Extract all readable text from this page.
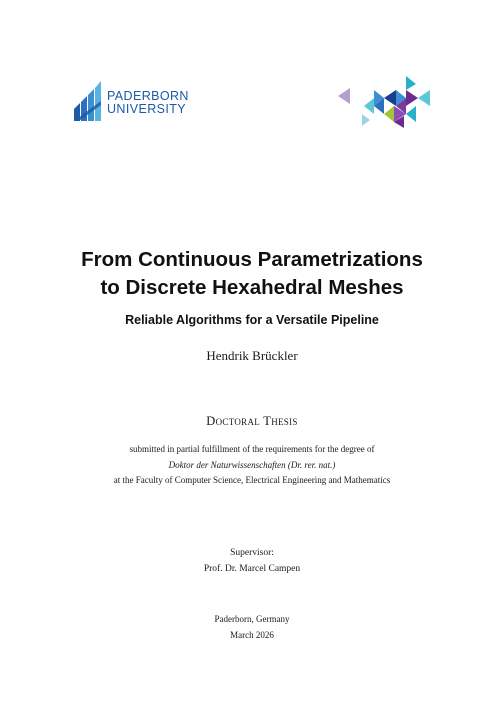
PADERBORN
UNIVERSITY
From Continuous Parametrizations
to Discrete Hexahedral Meshes
Reliable Algorithms for a Versatile Pipeline
Hendrik Brückler
Doctoral Thesis
submitted in partial fulfillment of the requirements for the degree of
Doktor der Naturwissenschaften (Dr. rer. nat.)
at the Faculty of Computer Science, Electrical Engineering and Mathematics
Supervisor:
Prof. Dr. Marcel Campen
Paderborn, Germany
March 2026
